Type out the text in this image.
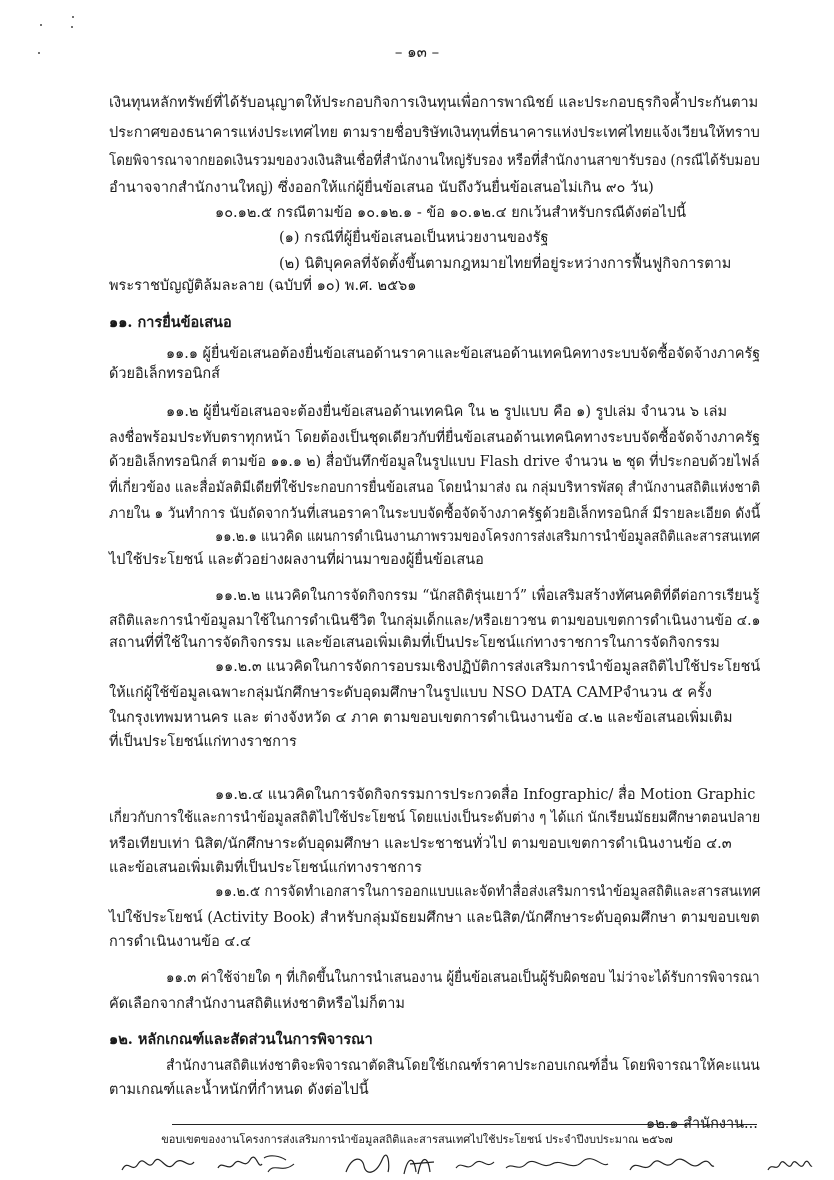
– ๑๓ –
เงินทุนหลักทรัพย์ที่ได้รับอนุญาตให้ประกอบกิจการเงินทุนเพื่อการพาณิชย์ และประกอบธุรกิจค้ำประกันตาม
ประกาศของธนาคารแห่งประเทศไทย ตามรายชื่อบริษัทเงินทุนที่ธนาคารแห่งประเทศไทยแจ้งเวียนให้ทราบ
โดยพิจารณาจากยอดเงินรวมของวงเงินสินเชื่อที่สำนักงานใหญ่รับรอง หรือที่สำนักงานสาขารับรอง (กรณีได้รับมอบ
อำนาจจากสำนักงานใหญ่) ซึ่งออกให้แก่ผู้ยื่นข้อเสนอ นับถึงวันยื่นข้อเสนอไม่เกิน ๙๐ วัน)
๑๐.๑๒.๕ กรณีตามข้อ ๑๐.๑๒.๑ - ข้อ ๑๐.๑๒.๔ ยกเว้นสำหรับกรณีดังต่อไปนี้
(๑) กรณีที่ผู้ยื่นข้อเสนอเป็นหน่วยงานของรัฐ
(๒) นิติบุคคลที่จัดตั้งขึ้นตามกฎหมายไทยที่อยู่ระหว่างการฟื้นฟูกิจการตาม
พระราชบัญญัติล้มละลาย (ฉบับที่ ๑๐) พ.ศ. ๒๕๖๑
๑๑. การยื่นข้อเสนอ
๑๑.๑ ผู้ยื่นข้อเสนอต้องยื่นข้อเสนอด้านราคาและข้อเสนอด้านเทคนิคทางระบบจัดซื้อจัดจ้างภาครัฐ
ด้วยอิเล็กทรอนิกส์
๑๑.๒ ผู้ยื่นข้อเสนอจะต้องยื่นข้อเสนอด้านเทคนิค ใน ๒ รูปแบบ คือ ๑) รูปเล่ม จำนวน ๖ เล่ม
ลงชื่อพร้อมประทับตราทุกหน้า โดยต้องเป็นชุดเดียวกับที่ยื่นข้อเสนอด้านเทคนิคทางระบบจัดซื้อจัดจ้างภาครัฐ
ด้วยอิเล็กทรอนิกส์ ตามข้อ ๑๑.๑ ๒) สื่อบันทึกข้อมูลในรูปแบบ Flash drive จำนวน ๒ ชุด ที่ประกอบด้วยไฟล์
ที่เกี่ยวข้อง และสื่อมัลติมีเดียที่ใช้ประกอบการยื่นข้อเสนอ โดยนำมาส่ง ณ กลุ่มบริหารพัสดุ สำนักงานสถิติแห่งชาติ
ภายใน ๑ วันทำการ นับถัดจากวันที่เสนอราคาในระบบจัดซื้อจัดจ้างภาครัฐด้วยอิเล็กทรอนิกส์ มีรายละเอียด ดังนี้
๑๑.๒.๑ แนวคิด แผนการดำเนินงานภาพรวมของโครงการส่งเสริมการนำข้อมูลสถิติและสารสนเทศ
ไปใช้ประโยชน์ และตัวอย่างผลงานที่ผ่านมาของผู้ยื่นข้อเสนอ
๑๑.๒.๒ แนวคิดในการจัดกิจกรรม “นักสถิติรุ่นเยาว์” เพื่อเสริมสร้างทัศนคติที่ดีต่อการเรียนรู้
สถิติและการนำข้อมูลมาใช้ในการดำเนินชีวิต ในกลุ่มเด็กและ/หรือเยาวชน ตามขอบเขตการดำเนินงานข้อ ๔.๑
สถานที่ที่ใช้ในการจัดกิจกรรม และข้อเสนอเพิ่มเติมที่เป็นประโยชน์แก่ทางราชการในการจัดกิจกรรม
๑๑.๒.๓ แนวคิดในการจัดการอบรมเชิงปฏิบัติการส่งเสริมการนำข้อมูลสถิติไปใช้ประโยชน์
ให้แก่ผู้ใช้ข้อมูลเฉพาะกลุ่มนักศึกษาระดับอุดมศึกษาในรูปแบบ NSO DATA CAMPจำนวน ๕ ครั้ง
ในกรุงเทพมหานคร และ ต่างจังหวัด ๔ ภาค ตามขอบเขตการดำเนินงานข้อ ๔.๒ และข้อเสนอเพิ่มเติม
ที่เป็นประโยชน์แก่ทางราชการ
๑๑.๒.๔ แนวคิดในการจัดกิจกรรมการประกวดสื่อ Infographic/ สื่อ Motion Graphic
เกี่ยวกับการใช้และการนำข้อมูลสถิติไปใช้ประโยชน์ โดยแบ่งเป็นระดับต่าง ๆ ได้แก่ นักเรียนมัธยมศึกษาตอนปลาย
หรือเทียบเท่า นิสิต/นักศึกษาระดับอุดมศึกษา และประชาชนทั่วไป ตามขอบเขตการดำเนินงานข้อ ๔.๓
และข้อเสนอเพิ่มเติมที่เป็นประโยชน์แก่ทางราชการ
๑๑.๒.๕ การจัดทำเอกสารในการออกแบบและจัดทำสื่อส่งเสริมการนำข้อมูลสถิติและสารสนเทศ
ไปใช้ประโยชน์ (Activity Book) สำหรับกลุ่มมัธยมศึกษา และนิสิต/นักศึกษาระดับอุดมศึกษา ตามขอบเขต
การดำเนินงานข้อ ๔.๔
๑๑.๓ ค่าใช้จ่ายใด ๆ ที่เกิดขึ้นในการนำเสนองาน ผู้ยื่นข้อเสนอเป็นผู้รับผิดชอบ ไม่ว่าจะได้รับการพิจารณา
คัดเลือกจากสำนักงานสถิติแห่งชาติหรือไม่ก็ตาม
๑๒. หลักเกณฑ์และสัดส่วนในการพิจารณา
สำนักงานสถิติแห่งชาติจะพิจารณาตัดสินโดยใช้เกณฑ์ราคาประกอบเกณฑ์อื่น โดยพิจารณาให้คะแนน
ตามเกณฑ์และน้ำหนักที่กำหนด ดังต่อไปนี้
๑๒.๑ สำนักงาน...
ขอบเขตของงานโครงการส่งเสริมการนำข้อมูลสถิติและสารสนเทศไปใช้ประโยชน์ ประจำปีงบประมาณ ๒๕๖๗
